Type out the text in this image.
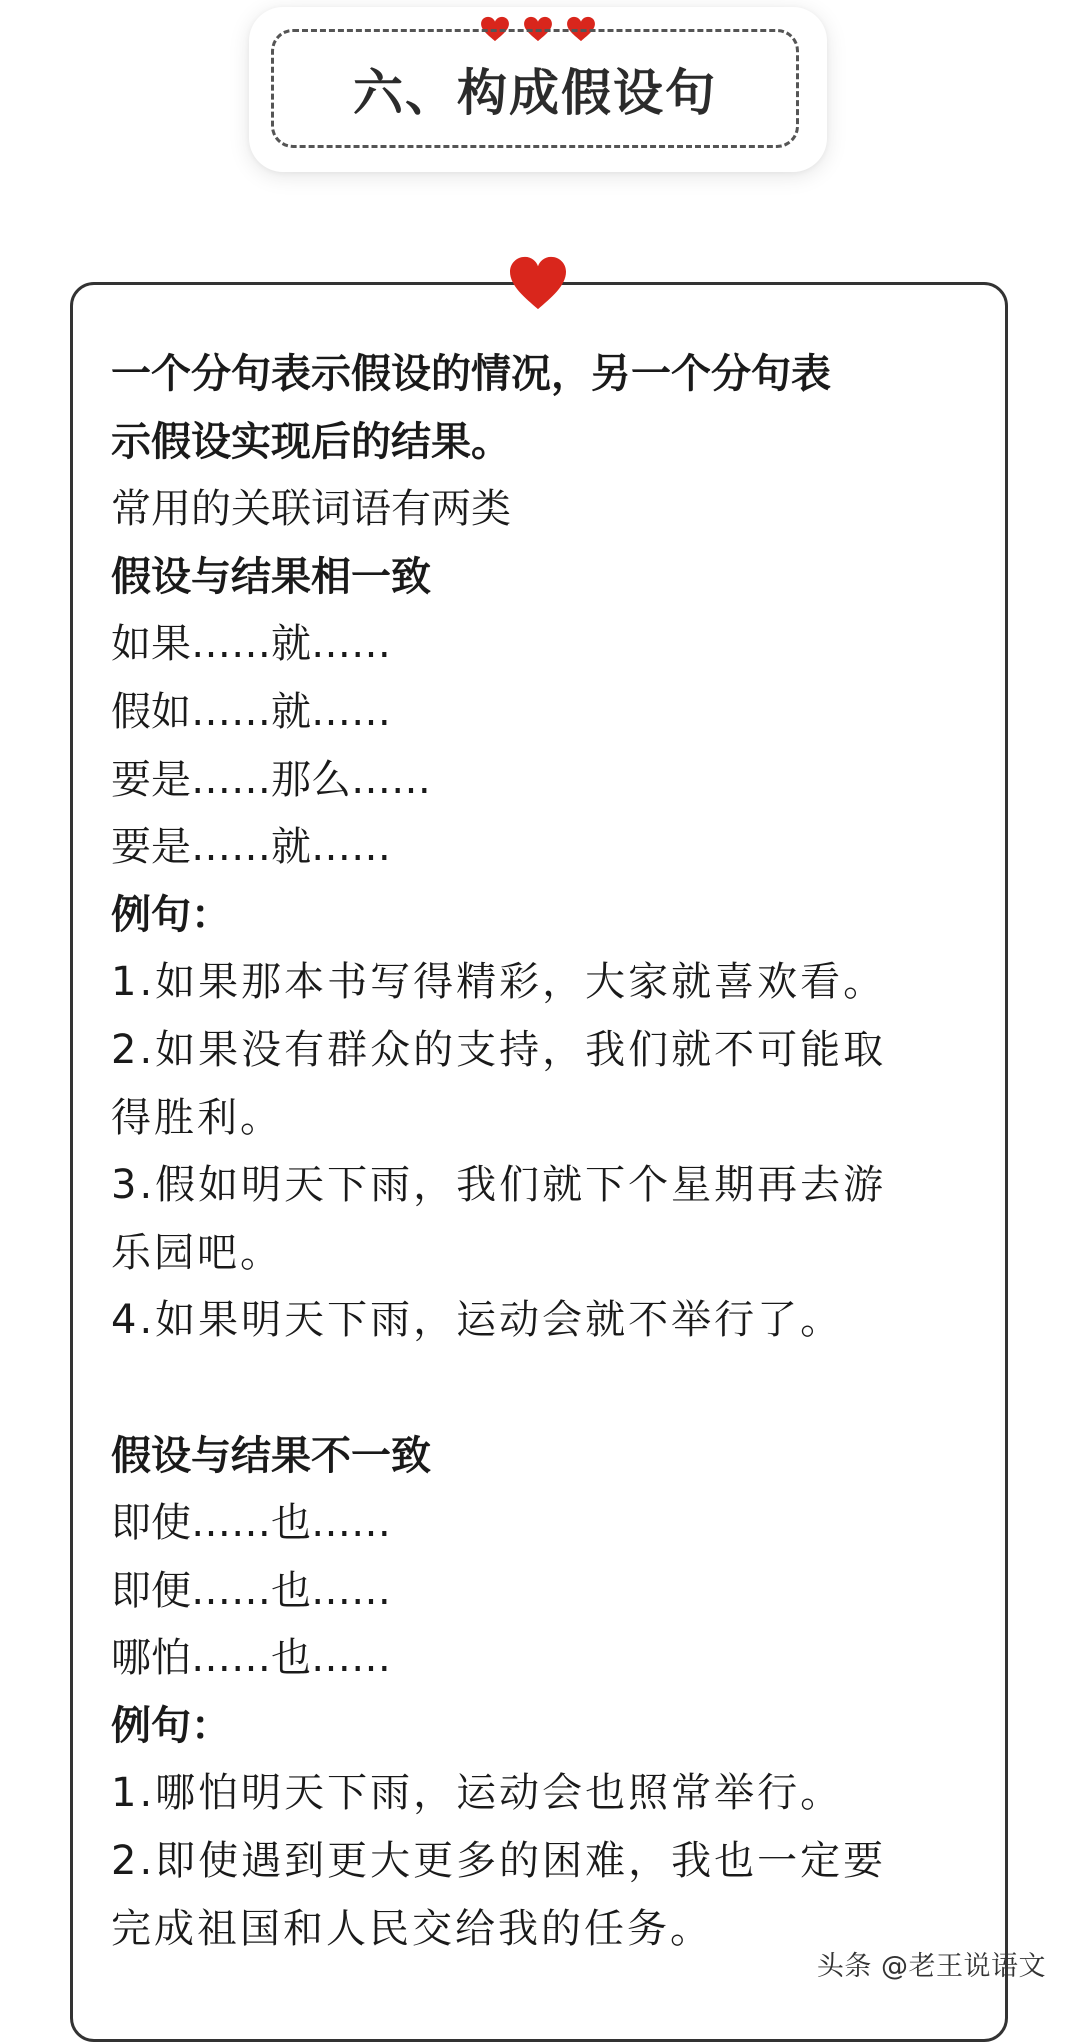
六、构成假设句
一个分句表示假设的情况，另一个分句表
示假设实现后的结果。
常用的关联词语有两类
假设与结果相一致
如果……就……
假如……就……
要是……那么……
要是……就……
例句：
1.如果那本书写得精彩，大家就喜欢看。
2.如果没有群众的支持，我们就不可能取
得胜利。
3.假如明天下雨，我们就下个星期再去游
乐园吧。
4.如果明天下雨，运动会就不举行了。
假设与结果不一致
即使……也……
即便……也……
哪怕……也……
例句：
1.哪怕明天下雨，运动会也照常举行。
2.即使遇到更大更多的困难，我也一定要
完成祖国和人民交给我的任务。
头条 @老王说语文
